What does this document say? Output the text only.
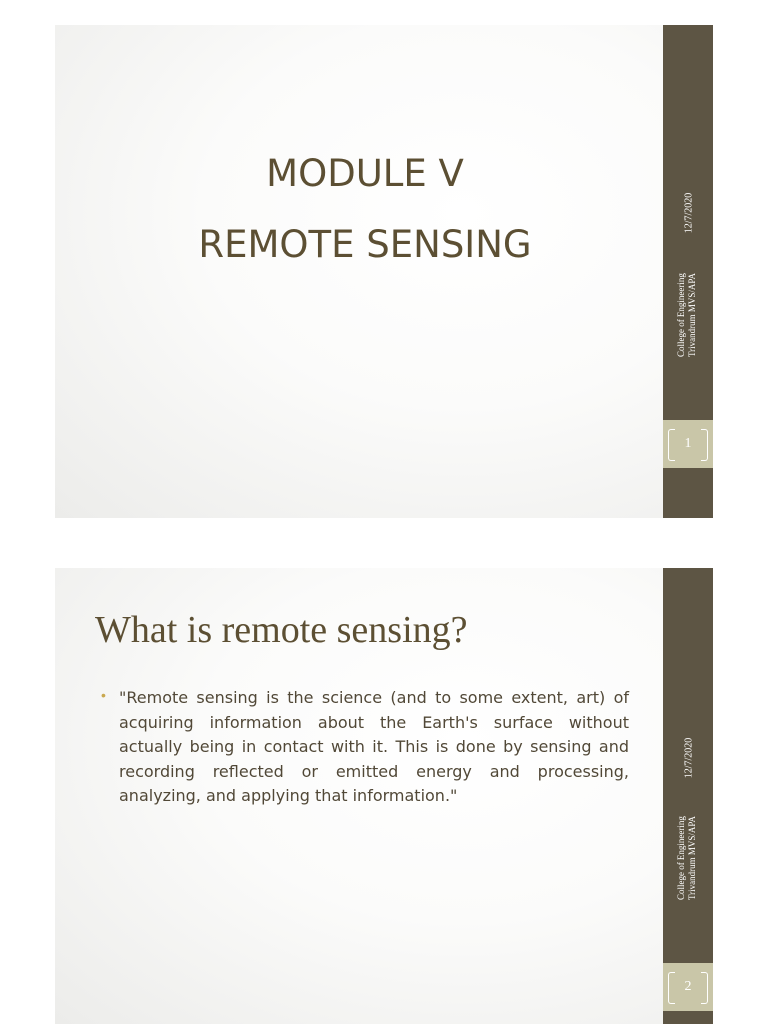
MODULE V
REMOTE SENSING
12/7/2020
College of Engineering Trivandrum MVS/APA
1
What is remote sensing?
• "Remote sensing is the science (and to some extent, art) of acquiring information about the Earth's surface without actually being in contact with it. This is done by sensing and recording reflected or emitted energy and processing, analyzing, and applying that information."
12/7/2020
College of Engineering Trivandrum MVS/APA
2
